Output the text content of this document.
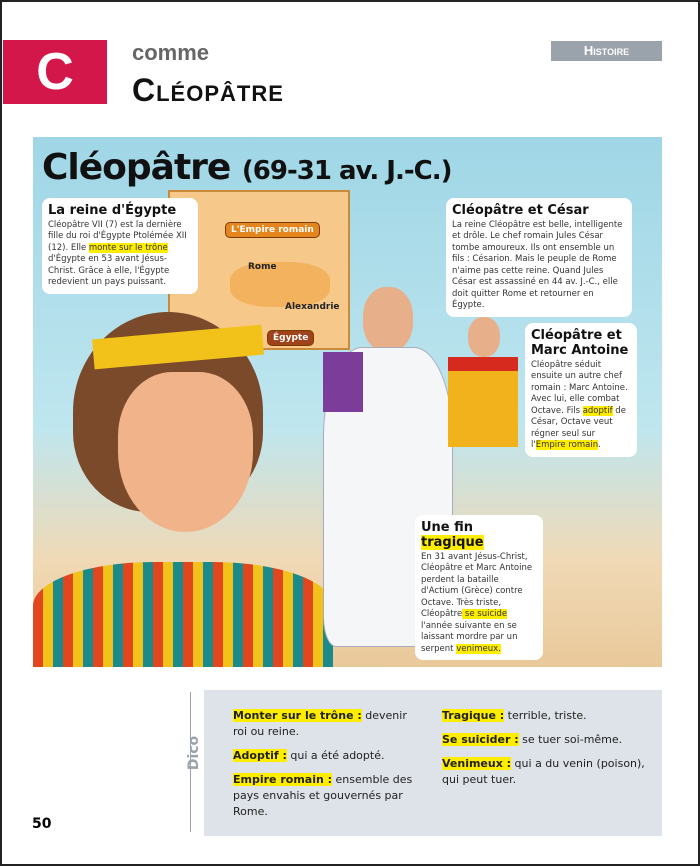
C	comme
Cléopâtre
Histoire
L'Empire romain
Rome
Alexandrie
Égypte
Cléopâtre (69-31 av. J.-C.)
La reine d'Égypte
Cléopâtre VII (7) est la dernière fille du roi d'Égypte Ptolémée XII (12). Elle monte sur le trône d'Égypte en 53 avant Jésus-Christ. Grâce à elle, l'Égypte redevient un pays puissant.
Cléopâtre et César
La reine Cléopâtre est belle, intelligente et drôle. Le chef romain Jules César tombe amoureux. Ils ont ensemble un fils : Césarion. Mais le peuple de Rome n'aime pas cette reine. Quand Jules César est assassiné en 44 av. J.-C., elle doit quitter Rome et retourner en Égypte.
Cléopâtre et Marc Antoine
Cléopâtre séduit ensuite un autre chef romain : Marc Antoine. Avec lui, elle combat Octave. Fils adoptif de César, Octave veut régner seul sur l'Empire romain.
Une fin tragique
En 31 avant Jésus-Christ, Cléopâtre et Marc Antoine perdent la bataille d'Actium (Grèce) contre Octave. Très triste, Cléopâtre se suicide l'année suivante en se laissant mordre par un serpent venimeux.
Dico

Monter sur le trône : devenir roi ou reine.

Adoptif : qui a été adopté.

Empire romain : ensemble des pays envahis et gouvernés par Rome.

Tragique : terrible, triste.

Se suicider : se tuer soi-même.

Venimeux : qui a du venin (poison), qui peut tuer.

50
